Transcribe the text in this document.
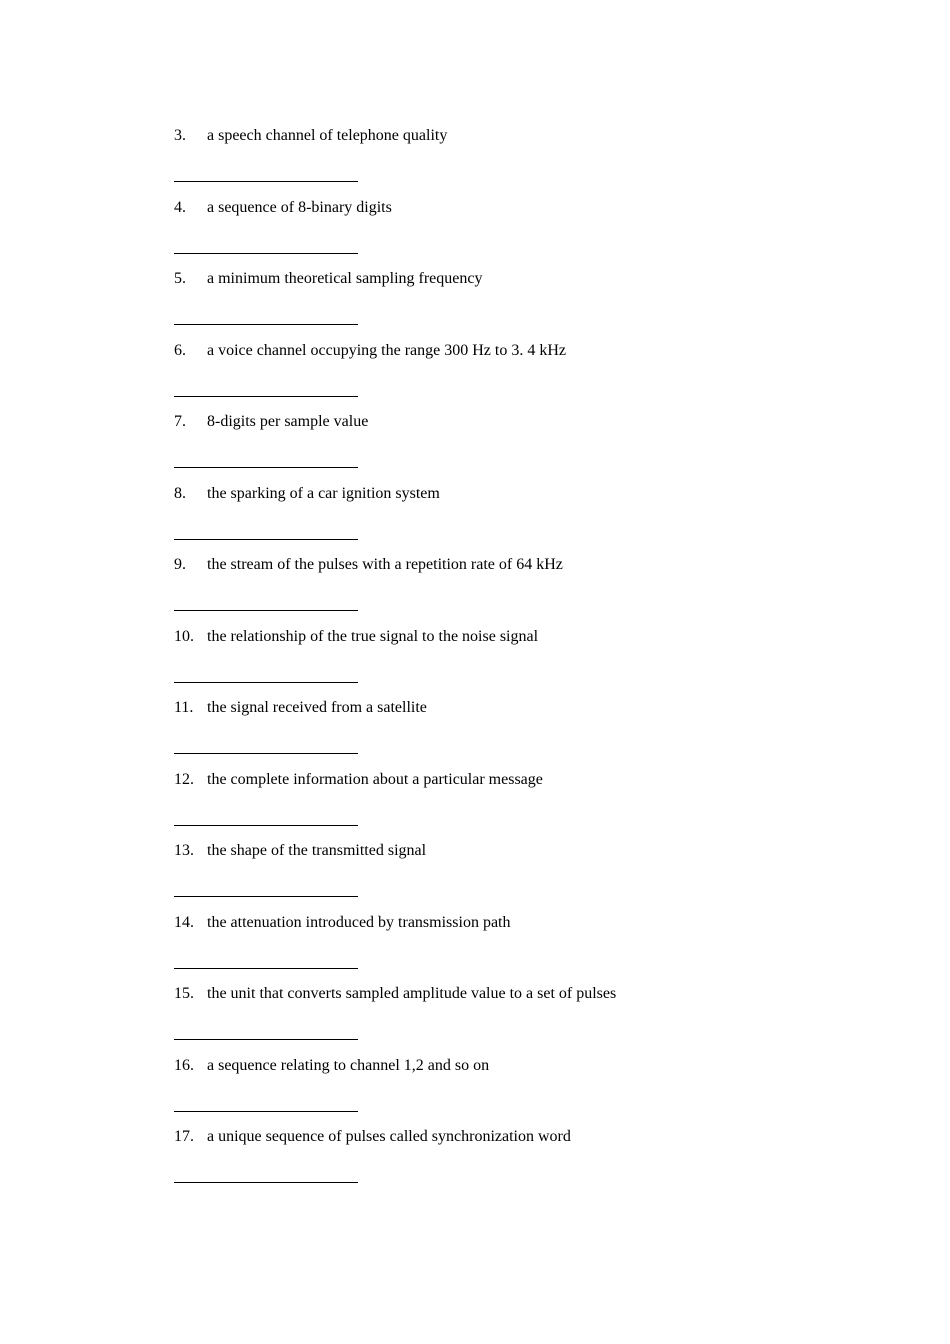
3. a speech channel of telephone quality
4. a sequence of 8-binary digits
5. a minimum theoretical sampling frequency
6. a voice channel occupying the range 300 Hz to 3. 4 kHz
7. 8-digits per sample value
8. the sparking of a car ignition system
9. the stream of the pulses with a repetition rate of 64 kHz
10. the relationship of the true signal to the noise signal
11. the signal received from a satellite
12. the complete information about a particular message
13. the shape of the transmitted signal
14. the attenuation introduced by transmission path
15. the unit that converts sampled amplitude value to a set of pulses
16. a sequence relating to channel 1,2 and so on
17. a unique sequence of pulses called synchronization word
